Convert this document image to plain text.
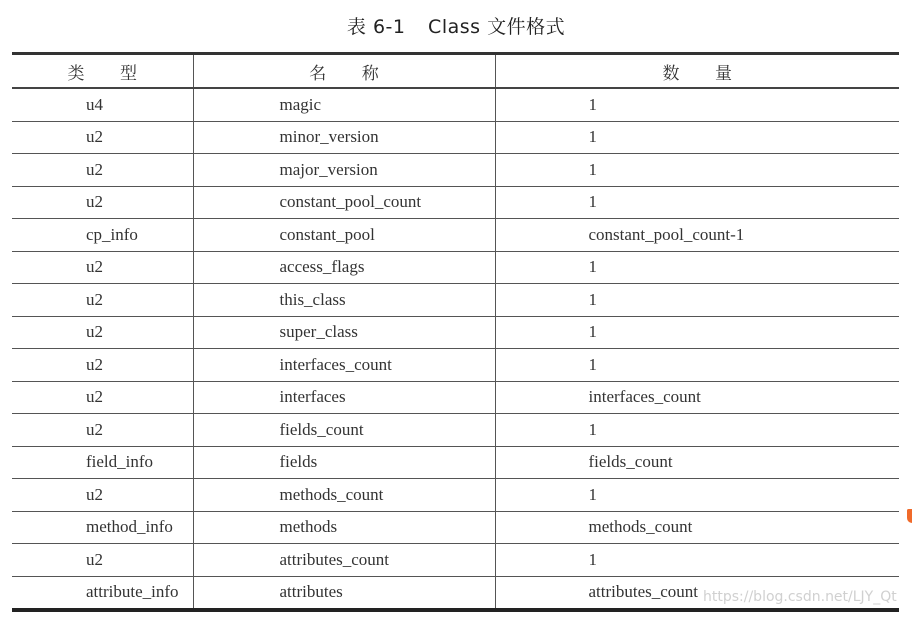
表 6-1 Class 文件格式
类 型	名 称	数 量
u4	magic	1
u2	minor_version	1
u2	major_version	1
u2	constant_pool_count	1
cp_info	constant_pool	constant_pool_count-1
u2	access_flags	1
u2	this_class	1
u2	super_class	1
u2	interfaces_count	1
u2	interfaces	interfaces_count
u2	fields_count	1
field_info	fields	fields_count
u2	methods_count	1
method_info	methods	methods_count
u2	attributes_count	1
attribute_info	attributes	attributes_count https://blog.csdn.net/LJY_Qt
